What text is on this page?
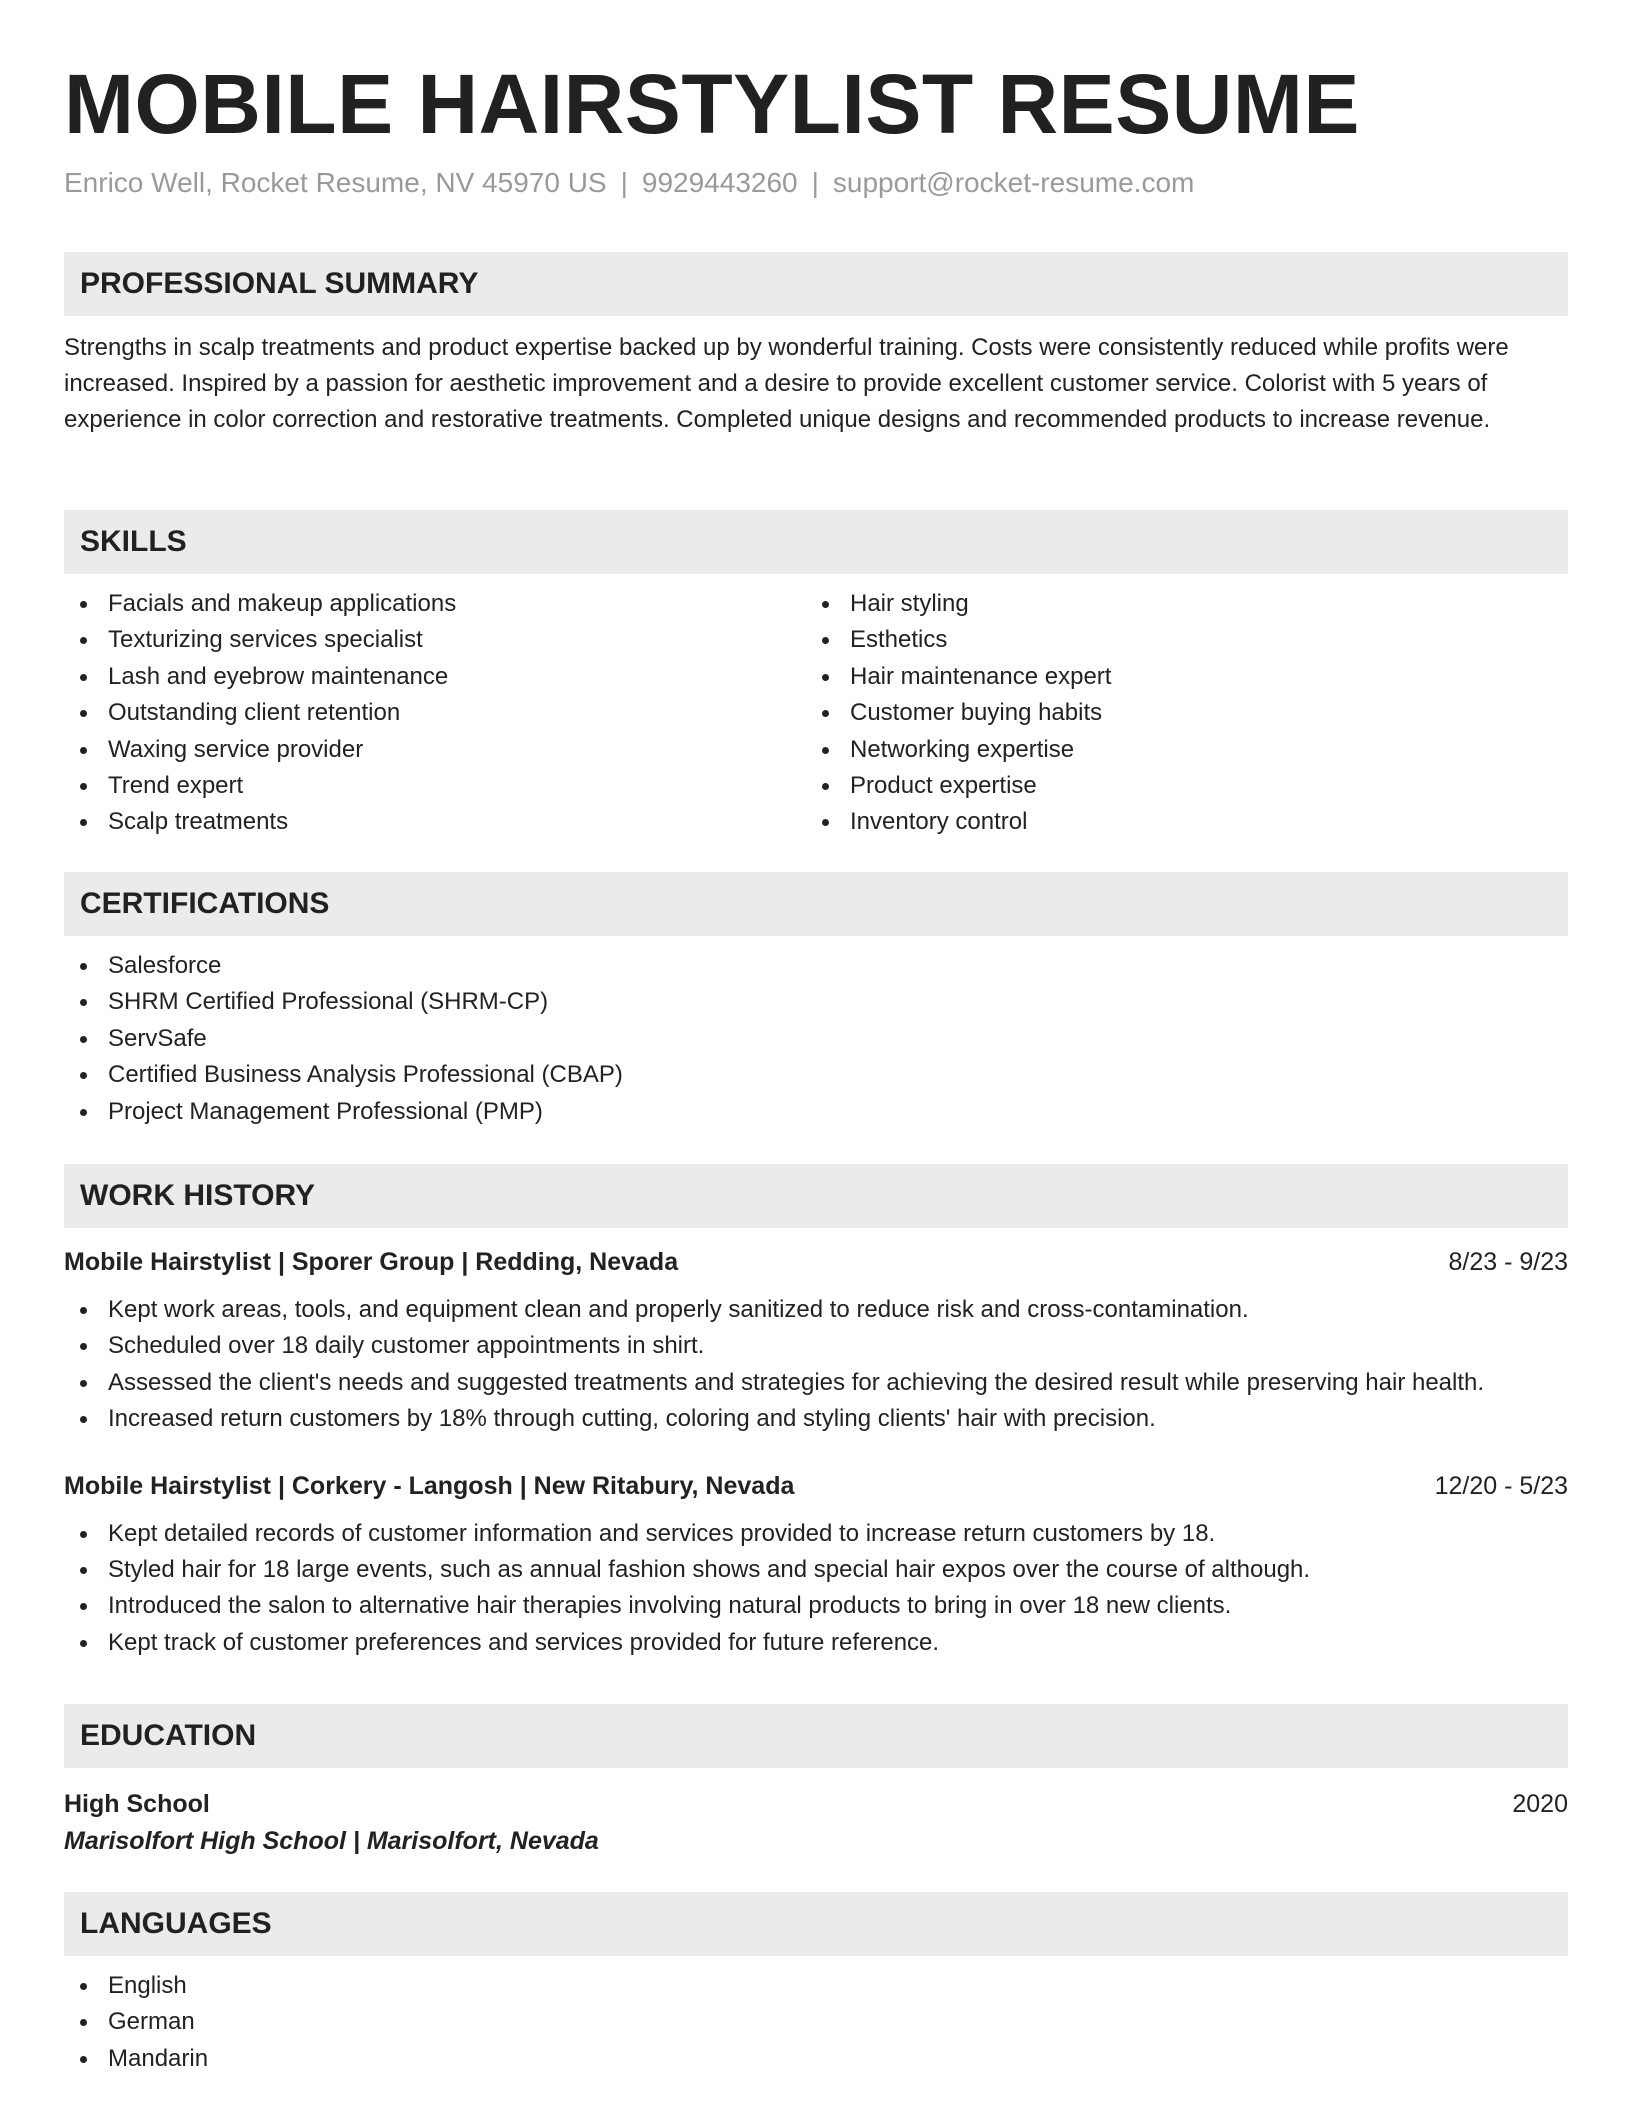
MOBILE HAIRSTYLIST RESUME
Enrico Well, Rocket Resume, NV 45970 US | 9929443260 | support@rocket-resume.com
PROFESSIONAL SUMMARY

Strengths in scalp treatments and product expertise backed up by wonderful training. Costs were consistently reduced while profits were increased. Inspired by a passion for aesthetic improvement and a desire to provide excellent customer service. Colorist with 5 years of experience in color correction and restorative treatments. Completed unique designs and recommended products to increase revenue.

SKILLS
Facials and makeup applications
Texturizing services specialist
Lash and eyebrow maintenance
Outstanding client retention
Waxing service provider
Trend expert
Scalp treatments
Hair styling
Esthetics
Hair maintenance expert
Customer buying habits
Networking expertise
Product expertise
Inventory control
CERTIFICATIONS
Salesforce
SHRM Certified Professional (SHRM-CP)
ServSafe
Certified Business Analysis Professional (CBAP)
Project Management Professional (PMP)
WORK HISTORY
Mobile Hairstylist | Sporer Group | Redding, Nevada	8/23 - 9/23
Kept work areas, tools, and equipment clean and properly sanitized to reduce risk and cross-contamination.
Scheduled over 18 daily customer appointments in shirt.
Assessed the client's needs and suggested treatments and strategies for achieving the desired result while preserving hair health.
Increased return customers by 18% through cutting, coloring and styling clients' hair with precision.
Mobile Hairstylist | Corkery - Langosh | New Ritabury, Nevada	12/20 - 5/23
Kept detailed records of customer information and services provided to increase return customers by 18.
Styled hair for 18 large events, such as annual fashion shows and special hair expos over the course of although.
Introduced the salon to alternative hair therapies involving natural products to bring in over 18 new clients.
Kept track of customer preferences and services provided for future reference.
EDUCATION
High School	2020
Marisolfort High School | Marisolfort, Nevada
LANGUAGES
English
German
Mandarin
